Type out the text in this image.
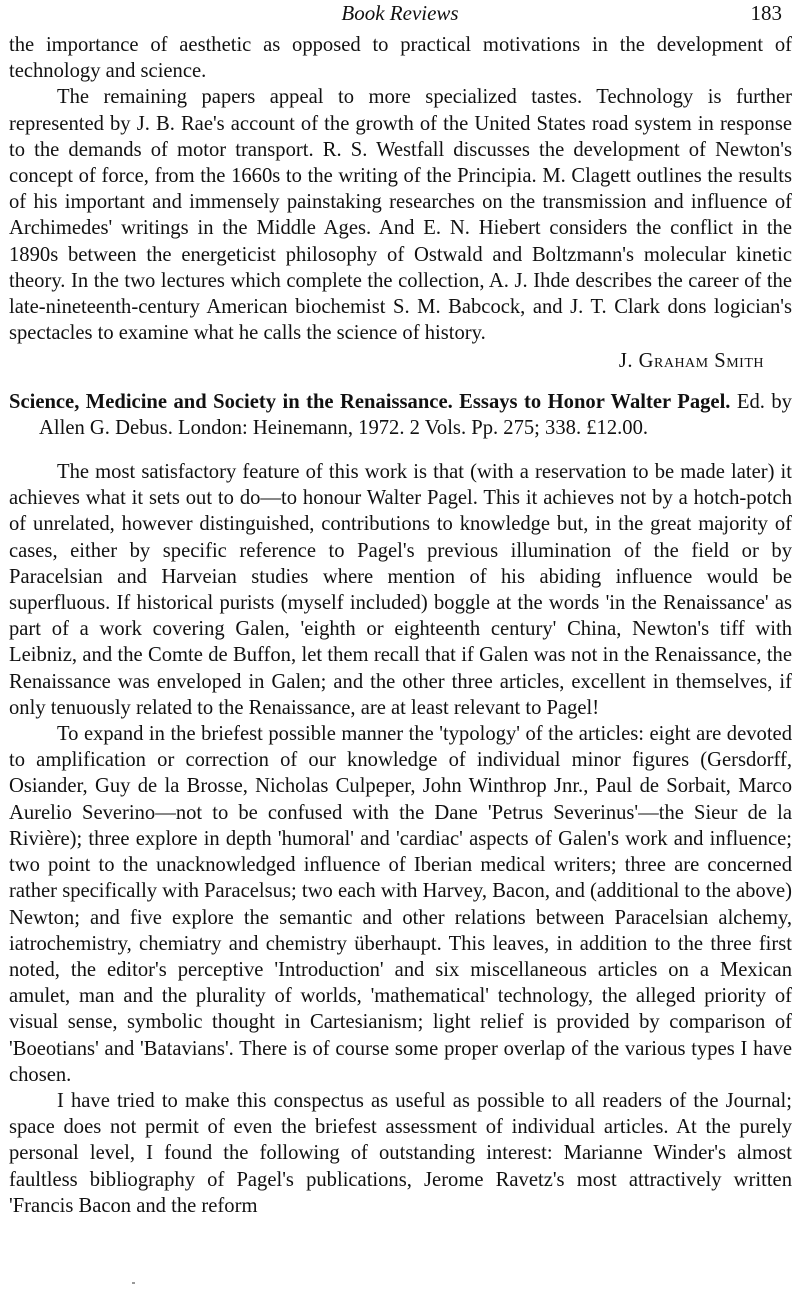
Book Reviews	183

the importance of aesthetic as opposed to practical motivations in the development of technology and science.

The remaining papers appeal to more specialized tastes. Technology is further represented by J. B. Rae's account of the growth of the United States road system in response to the demands of motor transport. R. S. Westfall discusses the development of Newton's concept of force, from the 1660s to the writing of the Principia. M. Clagett outlines the results of his important and immensely painstaking researches on the transmission and influence of Archimedes' writings in the Middle Ages. And E. N. Hiebert considers the conflict in the 1890s between the energeticist philosophy of Ostwald and Boltzmann's molecular kinetic theory. In the two lectures which complete the collection, A. J. Ihde describes the career of the late-nineteenth-century American biochemist S. M. Babcock, and J. T. Clark dons logician's spectacles to examine what he calls the science of history.

J. Graham Smith

Science, Medicine and Society in the Renaissance. Essays to Honor Walter Pagel. Ed. by Allen G. Debus. London: Heinemann, 1972. 2 Vols. Pp. 275; 338. £12.00.

The most satisfactory feature of this work is that (with a reservation to be made later) it achieves what it sets out to do—to honour Walter Pagel. This it achieves not by a hotch-potch of unrelated, however distinguished, contributions to knowledge but, in the great majority of cases, either by specific reference to Pagel's previous illumination of the field or by Paracelsian and Harveian studies where mention of his abiding influence would be superfluous. If historical purists (myself included) boggle at the words 'in the Renaissance' as part of a work covering Galen, 'eighth or eighteenth century' China, Newton's tiff with Leibniz, and the Comte de Buffon, let them recall that if Galen was not in the Renaissance, the Renaissance was enveloped in Galen; and the other three articles, excellent in themselves, if only tenuously related to the Renaissance, are at least relevant to Pagel!

To expand in the briefest possible manner the 'typology' of the articles: eight are devoted to amplification or correction of our knowledge of individual minor figures (Gersdorff, Osiander, Guy de la Brosse, Nicholas Culpeper, John Winthrop Jnr., Paul de Sorbait, Marco Aurelio Severino—not to be confused with the Dane 'Petrus Severinus'—the Sieur de la Rivière); three explore in depth 'humoral' and 'cardiac' aspects of Galen's work and influence; two point to the unacknowledged influence of Iberian medical writers; three are concerned rather specifically with Paracelsus; two each with Harvey, Bacon, and (additional to the above) Newton; and five explore the semantic and other relations between Paracelsian alchemy, iatrochemistry, chemiatry and chemistry überhaupt. This leaves, in addition to the three first noted, the editor's perceptive 'Introduction' and six miscellaneous articles on a Mexican amulet, man and the plurality of worlds, 'mathematical' technology, the alleged priority of visual sense, symbolic thought in Cartesianism; light relief is provided by comparison of 'Boeotians' and 'Batavians'. There is of course some proper overlap of the various types I have chosen.

I have tried to make this conspectus as useful as possible to all readers of the Journal; space does not permit of even the briefest assessment of individual articles. At the purely personal level, I found the following of outstanding interest: Marianne Winder's almost faultless bibliography of Pagel's publications, Jerome Ravetz's most attractively written 'Francis Bacon and the reform
